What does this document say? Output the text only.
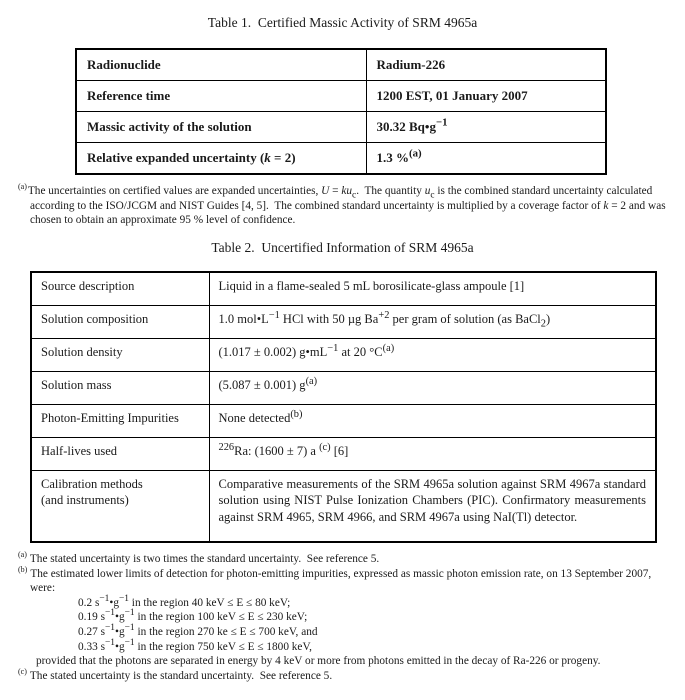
Table 1.  Certified Massic Activity of SRM 4965a
Radionuclide	Radium-226
Reference time	1200 EST, 01 January 2007
Massic activity of the solution	30.32 $Bq•g^{-1}$
Relative expanded uncertainty (k = 2)	1.3 %$^{(a)}$
$^{(a)}$The uncertainties on certified values are expanded uncertainties, $U = ku_c$.  The quantity $u_c$ is the combined standard uncertainty calculated according to the ISO/JCGM and NIST Guides [4, 5].  The combined standard uncertainty is multiplied by a coverage factor of k = 2 and was chosen to obtain an approximate 95 % level of confidence.
Table 2.  Uncertified Information of SRM 4965a
Source description	Liquid in a flame-sealed 5 mL borosilicate-glass ampoule [1]
Solution composition	1.0 $mol•L^{-1}$ HCl with 50 µg $Ba^{+2}$ per gram of solution (as BaCl$_2$)
Solution density	(1.017 ± 0.002) $g•mL^{-1}$ at 20 $^\circ C^{(a)}$
Solution mass	(5.087 ± 0.001) $g^{(a)}$
Photon-Emitting Impurities	None detected$^{(b)}$
Half-lives used	$^{226}$Ra: (1600 ± 7) a $^{(c)}$ [6]
Calibration methods
(and instruments)	Comparative measurements of the SRM 4965a solution against SRM 4967a standard solution using NIST Pulse Ionization Chambers (PIC). Confirmatory measurements against SRM 4965, SRM 4966, and SRM 4967a using NaI(Tl) detector.
$^{(a)}$ The stated uncertainty is two times the standard uncertainty.  See reference 5.
$^{(b)}$ The estimated lower limits of detection for photon-emitting impurities, expressed as massic photon emission rate, on 13 September 2007, were:
0.2 $s^{-1}•g^{-1}$ in the region 40 keV ≤ E ≤ 80 keV;
0.19 $s^{-1}•g^{-1}$ in the region 100 keV ≤ E ≤ 230 keV;
0.27 $s^{-1}•g^{-1}$ in the region 270 ke ≤ E ≤ 700 keV, and
0.33 $s^{-1}•g^{-1}$ in the region 750 keV ≤ E ≤ 1800 keV,
provided that the photons are separated in energy by 4 keV or more from photons emitted in the decay of Ra-226 or progeny.
$^{(c)}$ The stated uncertainty is the standard uncertainty.  See reference 5.
